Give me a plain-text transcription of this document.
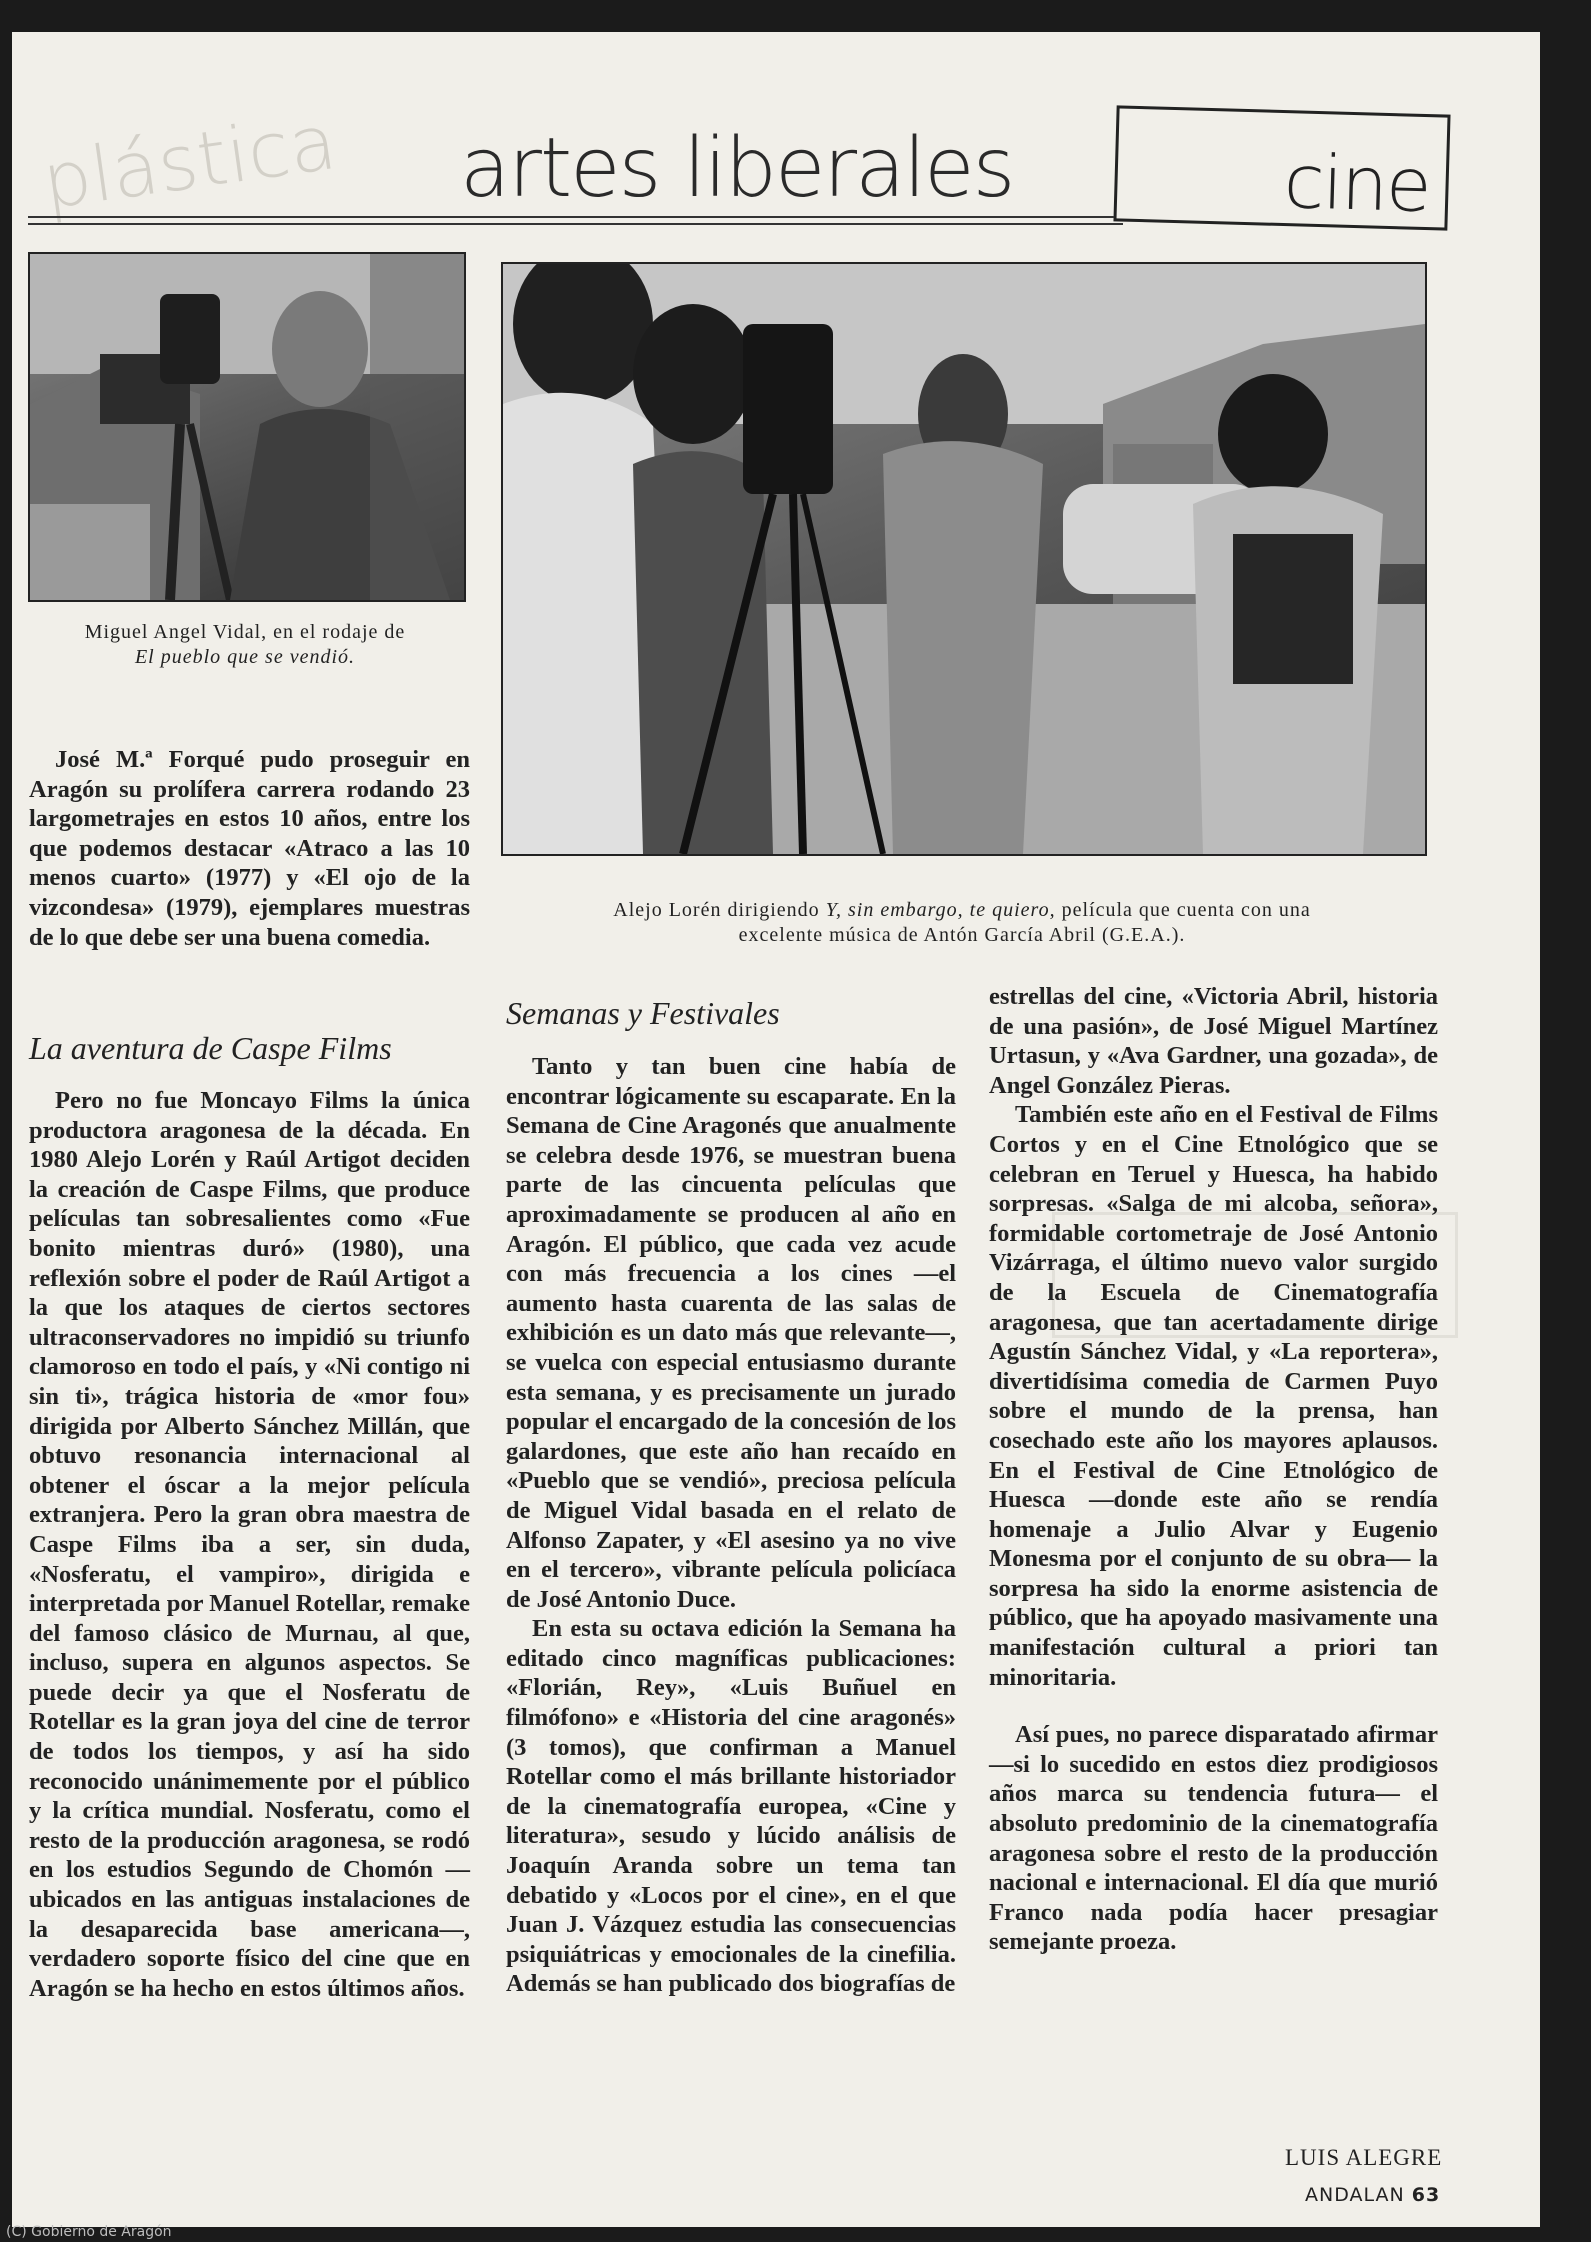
plástica artes liberales	cine
Miguel Angel Vidal, en el rodaje de
El pueblo que se vendió.
Alejo Lorén dirigiendo Y, sin embargo, te quiero, película que cuenta con una
excelente música de Antón García Abril (G.E.A.).

José M.ª Forqué pudo proseguir en Aragón su prolífera carrera rodando 23 largometrajes en estos 10 años, entre los que podemos destacar «Atraco a las 10 menos cuarto» (1977) y «El ojo de la vizcondesa» (1979), ejemplares muestras de lo que debe ser una buena comedia.

La aventura de Caspe Films

Pero no fue Moncayo Films la única productora aragonesa de la década. En 1980 Alejo Lorén y Raúl Artigot deciden la creación de Caspe Films, que produce películas tan sobresalientes como «Fue bonito mientras duró» (1980), una reflexión sobre el poder de Raúl Artigot a la que los ataques de ciertos sectores ultraconservadores no impidió su triunfo clamoroso en todo el país, y «Ni contigo ni sin ti», trágica historia de «mor fou» dirigida por Alberto Sánchez Millán, que obtuvo resonancia internacional al obtener el óscar a la mejor película extranjera. Pero la gran obra maestra de Caspe Films iba a ser, sin duda, «Nosferatu, el vampiro», dirigida e interpretada por Manuel Rotellar, remake del famoso clásico de Murnau, al que, incluso, supera en algunos aspectos. Se puede decir ya que el Nosferatu de Rotellar es la gran joya del cine de terror de todos los tiempos, y así ha sido reconocido unánimemente por el público y la crítica mundial. Nosferatu, como el resto de la producción aragonesa, se rodó en los estudios Segundo de Chomón —ubicados en las antiguas instalaciones de la desaparecida base americana—, verdadero soporte físico del cine que en Aragón se ha hecho en estos últimos años.

Semanas y Festivales

Tanto y tan buen cine había de encontrar lógicamente su escaparate. En la Semana de Cine Aragonés que anualmente se celebra desde 1976, se muestran buena parte de las cincuenta películas que aproximadamente se producen al año en Aragón. El público, que cada vez acude con más frecuencia a los cines —el aumento hasta cuarenta de las salas de exhibición es un dato más que relevante—, se vuelca con especial entusiasmo durante esta semana, y es precisamente un jurado popular el encargado de la concesión de los galardones, que este año han recaído en «Pueblo que se vendió», preciosa película de Miguel Vidal basada en el relato de Alfonso Zapater, y «El asesino ya no vive en el tercero», vibrante película policíaca de José Antonio Duce.

En esta su octava edición la Semana ha editado cinco magníficas publicaciones: «Florián, Rey», «Luis Buñuel en filmófono» e «Historia del cine aragonés» (3 tomos), que confirman a Manuel Rotellar como el más brillante historiador de la cinematografía europea, «Cine y literatura», sesudo y lúcido análisis de Joaquín Aranda sobre un tema tan debatido y «Locos por el cine», en el que Juan J. Vázquez estudia las consecuencias psiquiátricas y emocionales de la cinefilia. Además se han publicado dos biografías de

estrellas del cine, «Victoria Abril, historia de una pasión», de José Miguel Martínez Urtasun, y «Ava Gardner, una gozada», de Angel González Pieras.

También este año en el Festival de Films Cortos y en el Cine Etnológico que se celebran en Teruel y Huesca, ha habido sorpresas. «Salga de mi alcoba, señora», formidable cortometraje de José Antonio Vizárraga, el último nuevo valor surgido de la Escuela de Cinematografía aragonesa, que tan acertadamente dirige Agustín Sánchez Vidal, y «La reportera», divertidísima comedia de Carmen Puyo sobre el mundo de la prensa, han cosechado este año los mayores aplausos. En el Festival de Cine Etnológico de Huesca —donde este año se rendía homenaje a Julio Alvar y Eugenio Monesma por el conjunto de su obra— la sorpresa ha sido la enorme asistencia de público, que ha apoyado masivamente una manifestación cultural a priori tan minoritaria.

Así pues, no parece disparatado afirmar —si lo sucedido en estos diez prodigiosos años marca su tendencia futura— el absoluto predominio de la cinematografía aragonesa sobre el resto de la producción nacional e internacional. El día que murió Franco nada podía hacer presagiar semejante proeza.

LUIS ALEGRE
ANDALAN 63
(C) Gobierno de Aragón
